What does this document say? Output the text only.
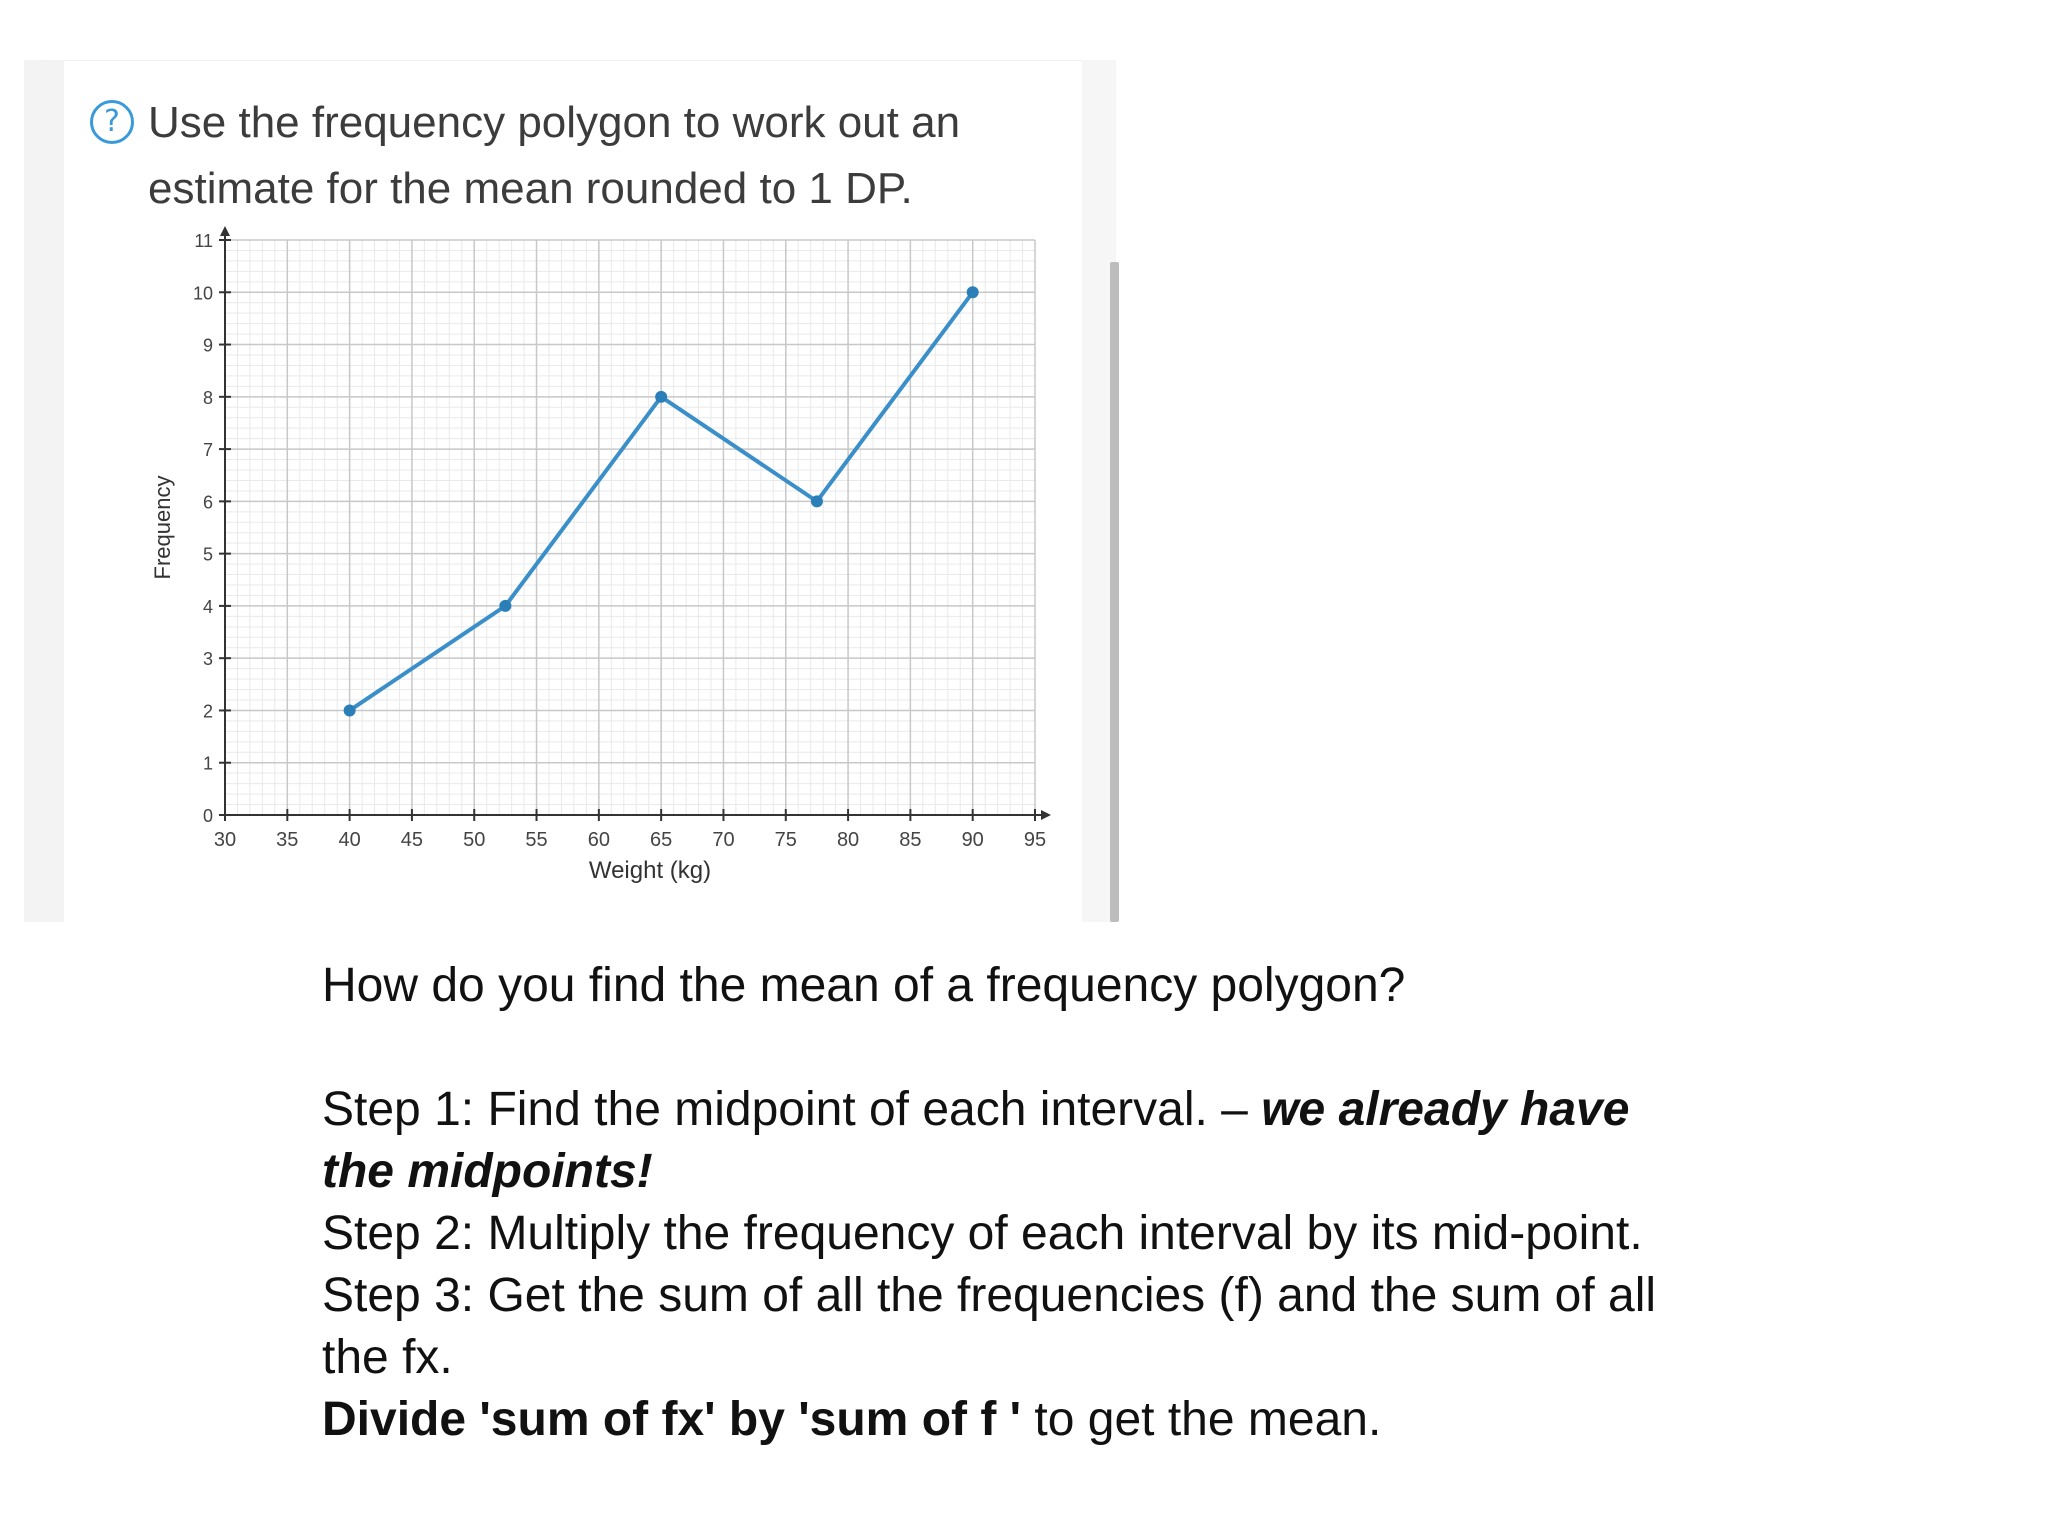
? Use the frequency polygon to work out an estimate for the mean rounded to 1 DP.
30 35 40 45 50 55 60 65 70 75 80 85 90 95
0
1
2
3
4
5
6
7
8
9
10
11
Weight (kg)
Frequency

How do you find the mean of a frequency polygon?

Step 1: Find the midpoint of each interval. – we already have the midpoints!

Step 2: Multiply the frequency of each interval by its mid-point.

Step 3: Get the sum of all the frequencies (f) and the sum of all the fx.

Divide 'sum of fx' by 'sum of f ' to get the mean.
